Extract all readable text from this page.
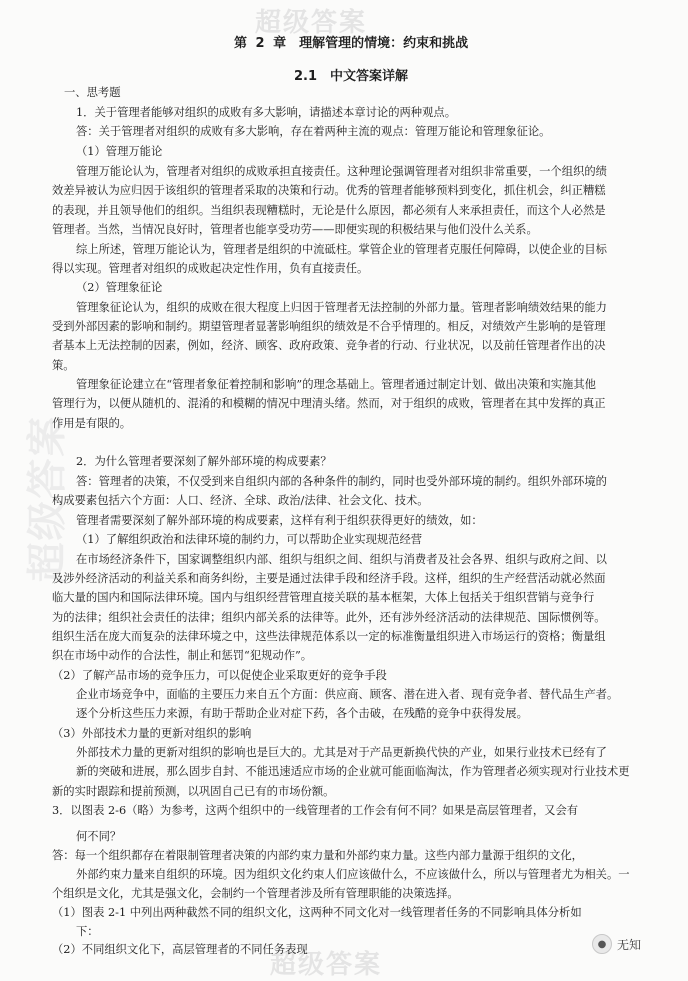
超级答案
超级答案
超级答案
第 2 章　理解管理的情境：约束和挑战
2.1　中文答案详解
一、思考题
1．关于管理者能够对组织的成败有多大影响，请描述本章讨论的两种观点。
答：关于管理者对组织的成败有多大影响，存在着两种主流的观点：管理万能论和管理象征论。
（1）管理万能论
管理万能论认为，管理者对组织的成败承担直接责任。这种理论强调管理者对组织非常重要，一个组织的绩
效差异被认为应归因于该组织的管理者采取的决策和行动。优秀的管理者能够预料到变化，抓住机会，纠正糟糕
的表现，并且领导他们的组织。当组织表现糟糕时，无论是什么原因，都必须有人来承担责任，而这个人必然是
管理者。当然，当情况良好时，管理者也能享受功劳——即便实现的积极结果与他们没什么关系。
综上所述，管理万能论认为，管理者是组织的中流砥柱。掌管企业的管理者克服任何障碍，以使企业的目标
得以实现。管理者对组织的成败起决定性作用，负有直接责任。
（2）管理象征论
管理象征论认为，组织的成败在很大程度上归因于管理者无法控制的外部力量。管理者影响绩效结果的能力
受到外部因素的影响和制约。期望管理者显著影响组织的绩效是不合乎情理的。相反，对绩效产生影响的是管理
者基本上无法控制的因素，例如，经济、顾客、政府政策、竞争者的行动、行业状况，以及前任管理者作出的决
策。
管理象征论建立在“管理者象征着控制和影响”的理念基础上。管理者通过制定计划、做出决策和实施其他
管理行为，以便从随机的、混淆的和模糊的情况中理清头绪。然而，对于组织的成败，管理者在其中发挥的真正
作用是有限的。
2．为什么管理者要深刻了解外部环境的构成要素？
答：管理者的决策，不仅受到来自组织内部的各种条件的制约，同时也受外部环境的制约。组织外部环境的
构成要素包括六个方面：人口、经济、全球、政治/法律、社会文化、技术。
管理者需要深刻了解外部环境的构成要素，这样有利于组织获得更好的绩效，如：
（1）了解组织政治和法律环境的制约力，可以帮助企业实现规范经营
在市场经济条件下，国家调整组织内部、组织与组织之间、组织与消费者及社会各界、组织与政府之间、以
及涉外经济活动的利益关系和商务纠纷，主要是通过法律手段和经济手段。这样，组织的生产经营活动就必然面
临大量的国内和国际法律环境。国内与组织经营管理直接关联的基本框架，大体上包括关于组织营销与竞争行
为的法律；组织社会责任的法律；组织内部关系的法律等。此外，还有涉外经济活动的法律规范、国际惯例等。
组织生活在庞大而复杂的法律环境之中，这些法律规范体系以一定的标准衡量组织进入市场运行的资格；衡量组
织在市场中动作的合法性，制止和惩罚“犯规动作”。
（2）了解产品市场的竞争压力，可以促使企业采取更好的竞争手段
企业市场竞争中，面临的主要压力来自五个方面：供应商、顾客、潜在进入者、现有竞争者、替代品生产者。
逐个分析这些压力来源，有助于帮助企业对症下药，各个击破，在残酷的竞争中获得发展。
（3）外部技术力量的更新对组织的影响
外部技术力量的更新对组织的影响也是巨大的。尤其是对于产品更新换代快的产业，如果行业技术已经有了
新的突破和进展，那么固步自封、不能迅速适应市场的企业就可能面临淘汰，作为管理者必须实现对行业技术更
新的实时跟踪和提前预测，以巩固自己已有的市场份额。
3．以图表 2-6（略）为参考，这两个组织中的一线管理者的工作会有何不同？如果是高层管理者，又会有
何不同？
答：每一个组织都存在着限制管理者决策的内部约束力量和外部约束力量。这些内部力量源于组织的文化，
外部约束力量来自组织的环境。因为组织文化约束人们应该做什么，不应该做什么，所以与管理者尤为相关。一
个组织是文化，尤其是强文化，会制约一个管理者涉及所有管理职能的决策选择。
（1）图表 2-1 中列出两种截然不同的组织文化，这两种不同文化对一线管理者任务的不同影响具体分析如
下：
（2）不同组织文化下，高层管理者的不同任务表现	● 无知
